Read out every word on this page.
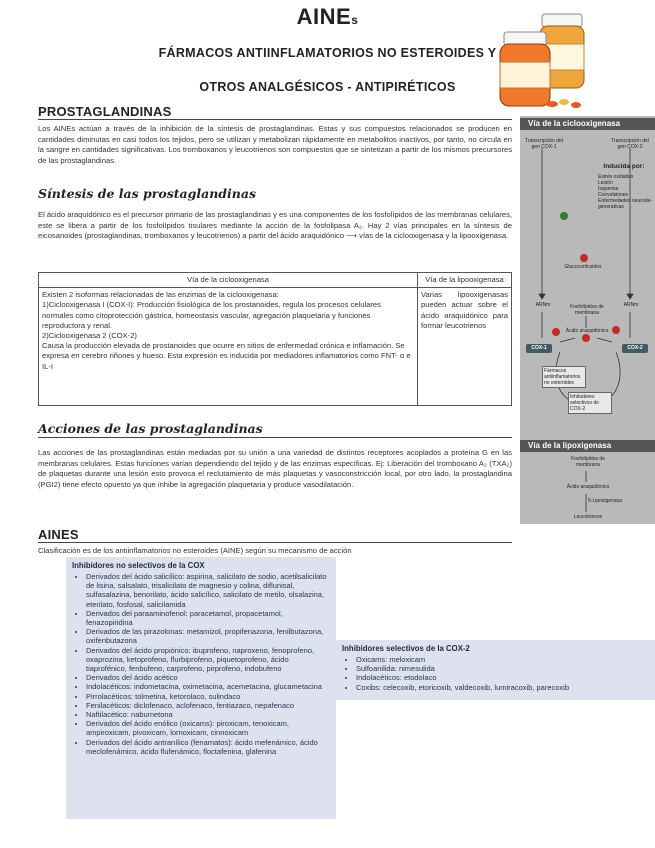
AINEs
FÁRMACOS ANTIINFLAMATORIOS NO ESTEROIDES Y
OTROS ANALGÉSICOS - ANTIPIRÉTICOS
PROSTAGLANDINAS
Los AINEs actúan a través de la inhibición de la síntesis de prostaglandinas. Estas y sus compuestos relacionados se producen en cantidades diminutas en casi todos los tejidos, pero se utilizan y metabolizan rápidamente en metabolitos inactivos, por tanto, no circula en la sangre en cantidades significativas. Los tromboxanos y leucotrienos son compuestos que se sintetizan a partir de los mismos precursores de las prostaglandinas.
Síntesis de las prostaglandinas
El ácido araquidónico es el precursor primario de las prostaglandinas y es una componentes de los fosfolípidos de las membranas celulares, este se libera a partir de los fosfolípidos tisulares mediante la acción de la fosfolipasa A₂. Hay 2 vías principales en la síntesis de eicosanoides (prostaglandinas, tromboxanos y leucotrienos) a partir del ácido araquidónico ⟶ vías de la ciclooxigenasa y la lipooxigenasa.
Vía de la ciclooxigenasa	Vía de la lipooxigenasa

Existen 2 isoformas relacionadas de las enzimas de la ciclooxigenasa:
1)Ciclooxigenasa I (COX-I): Producción fisiológica de los prostanoides, regula los procesos celulares normales como citoprotección gástrica, homeostasis vascular, agregación plaquetaria y funciones reproductora y renal.
2)Ciclooxigenasa 2 (COX-2)
Causa la producción elevada de prostanoides que ocurre en sitios de enfermedad crónica e inflamación. Se expresa en cerebro riñones y hueso. Esta expresión es inducida por mediadores inflamatorios como FNT- α e IL-I	Varias lipooxigenasas pueden actuar sobre el ácido araquidónico para formar leucotrienos
Acciones de las prostaglandinas
Las acciones de las prostaglandinas están mediadas por su unión a una variedad de distintos receptores acoplados a proteína G en las membranas celulares. Estas funciones varían dependiendo del tejido y de las enzimas específicas. Ej: Liberación del tromboxano A₂ (TXA₂) de plaquetas durante una lesión esto provoca el reclutamiento de más plaquetas y vasoconstricción local, por otro lado, la prostaglandina (PGI2) tiene efecto opuesto ya que inhibe la agregación plaquetaria y produce vasodilatación.
AINES
Clasificación es de los antiinflamatorios no esteroides (AINE) según su mecanismo de acción
Inhibidores no selectivos de la COX
• Derivados del ácido salicílico: aspirina, salicilato de sodio, acetilsalicilato de lisina, salsalato, trisalicilato de magnesio y colina, diflunisal, sulfasalazina, benorilato, ácido salicílico, salicilato de metilo, olsalazina, eterilato, fosfosal, salicilamida
• Derivados del paraaminofenol: paracetamol, propacetamol, fenazopiridina
• Derivados de las pirazolonas: metamizol, propifenazona, fenilbutazona, oxifenbutazona
• Derivados del ácido propiónico: ibuprofeno, naproxeno, fenoprofeno, oxaprozina, ketoprofeno, flurbiprofeno, piquetoprofeno, ácido tiaprofénico, fenbufeno, carprofeno, pirprofeno, indobufeno
• Derivados del ácido acético
• Indolacéticos: indometacina, oximetacina, acemetacina, glucametacina
• Pirrolacéticos: tolmetina, ketorolaco, sulindaco
• Fenilacéticos: diclofenaco, aclofenaco, fentiazaco, nepafenaco
• Naftilacético: nabumetona
• Derivados del ácido enólico (oxicams): piroxicam, tenoxicam, ampiroxicam, pivoxicam, lornoxicam, cinnoxicam
• Derivados del ácido antranílico (fenamatos): ácido mefenámico, ácido meclofenámico, ácido flufenámico, floctafenina, glafenina
Inhibidores selectivos de la COX-2
• Oxicams: meloxicam
• Sulfoanilida: nimesulida
• Indolacéticos: etodolaco
• Coxibs: celecoxib, etoricoxib, valdecoxib, lumiracoxib, parecoxib
Vía de la ciclooxigenasa
Transcripción del gen COX-1
Transcripción del gen COX-2
Inducida por:
Estrés oxidativo
Lesión
Isquemia
Convulsiones
Enfermedades neurode-generativas
Glucocorticoides
ARNm	ARNm
Fosfolípidos de membrana
Ácido araquidónico
COX-1	COX-2
Fármacos antiinflamatorios no esteroides
Inhibidores selectivos de COX-2
Vía de la lipoxigenasa
Fosfolípidos de membrana
Ácido araquidónico
5-Lipoxigenasa
Leucotrienos
